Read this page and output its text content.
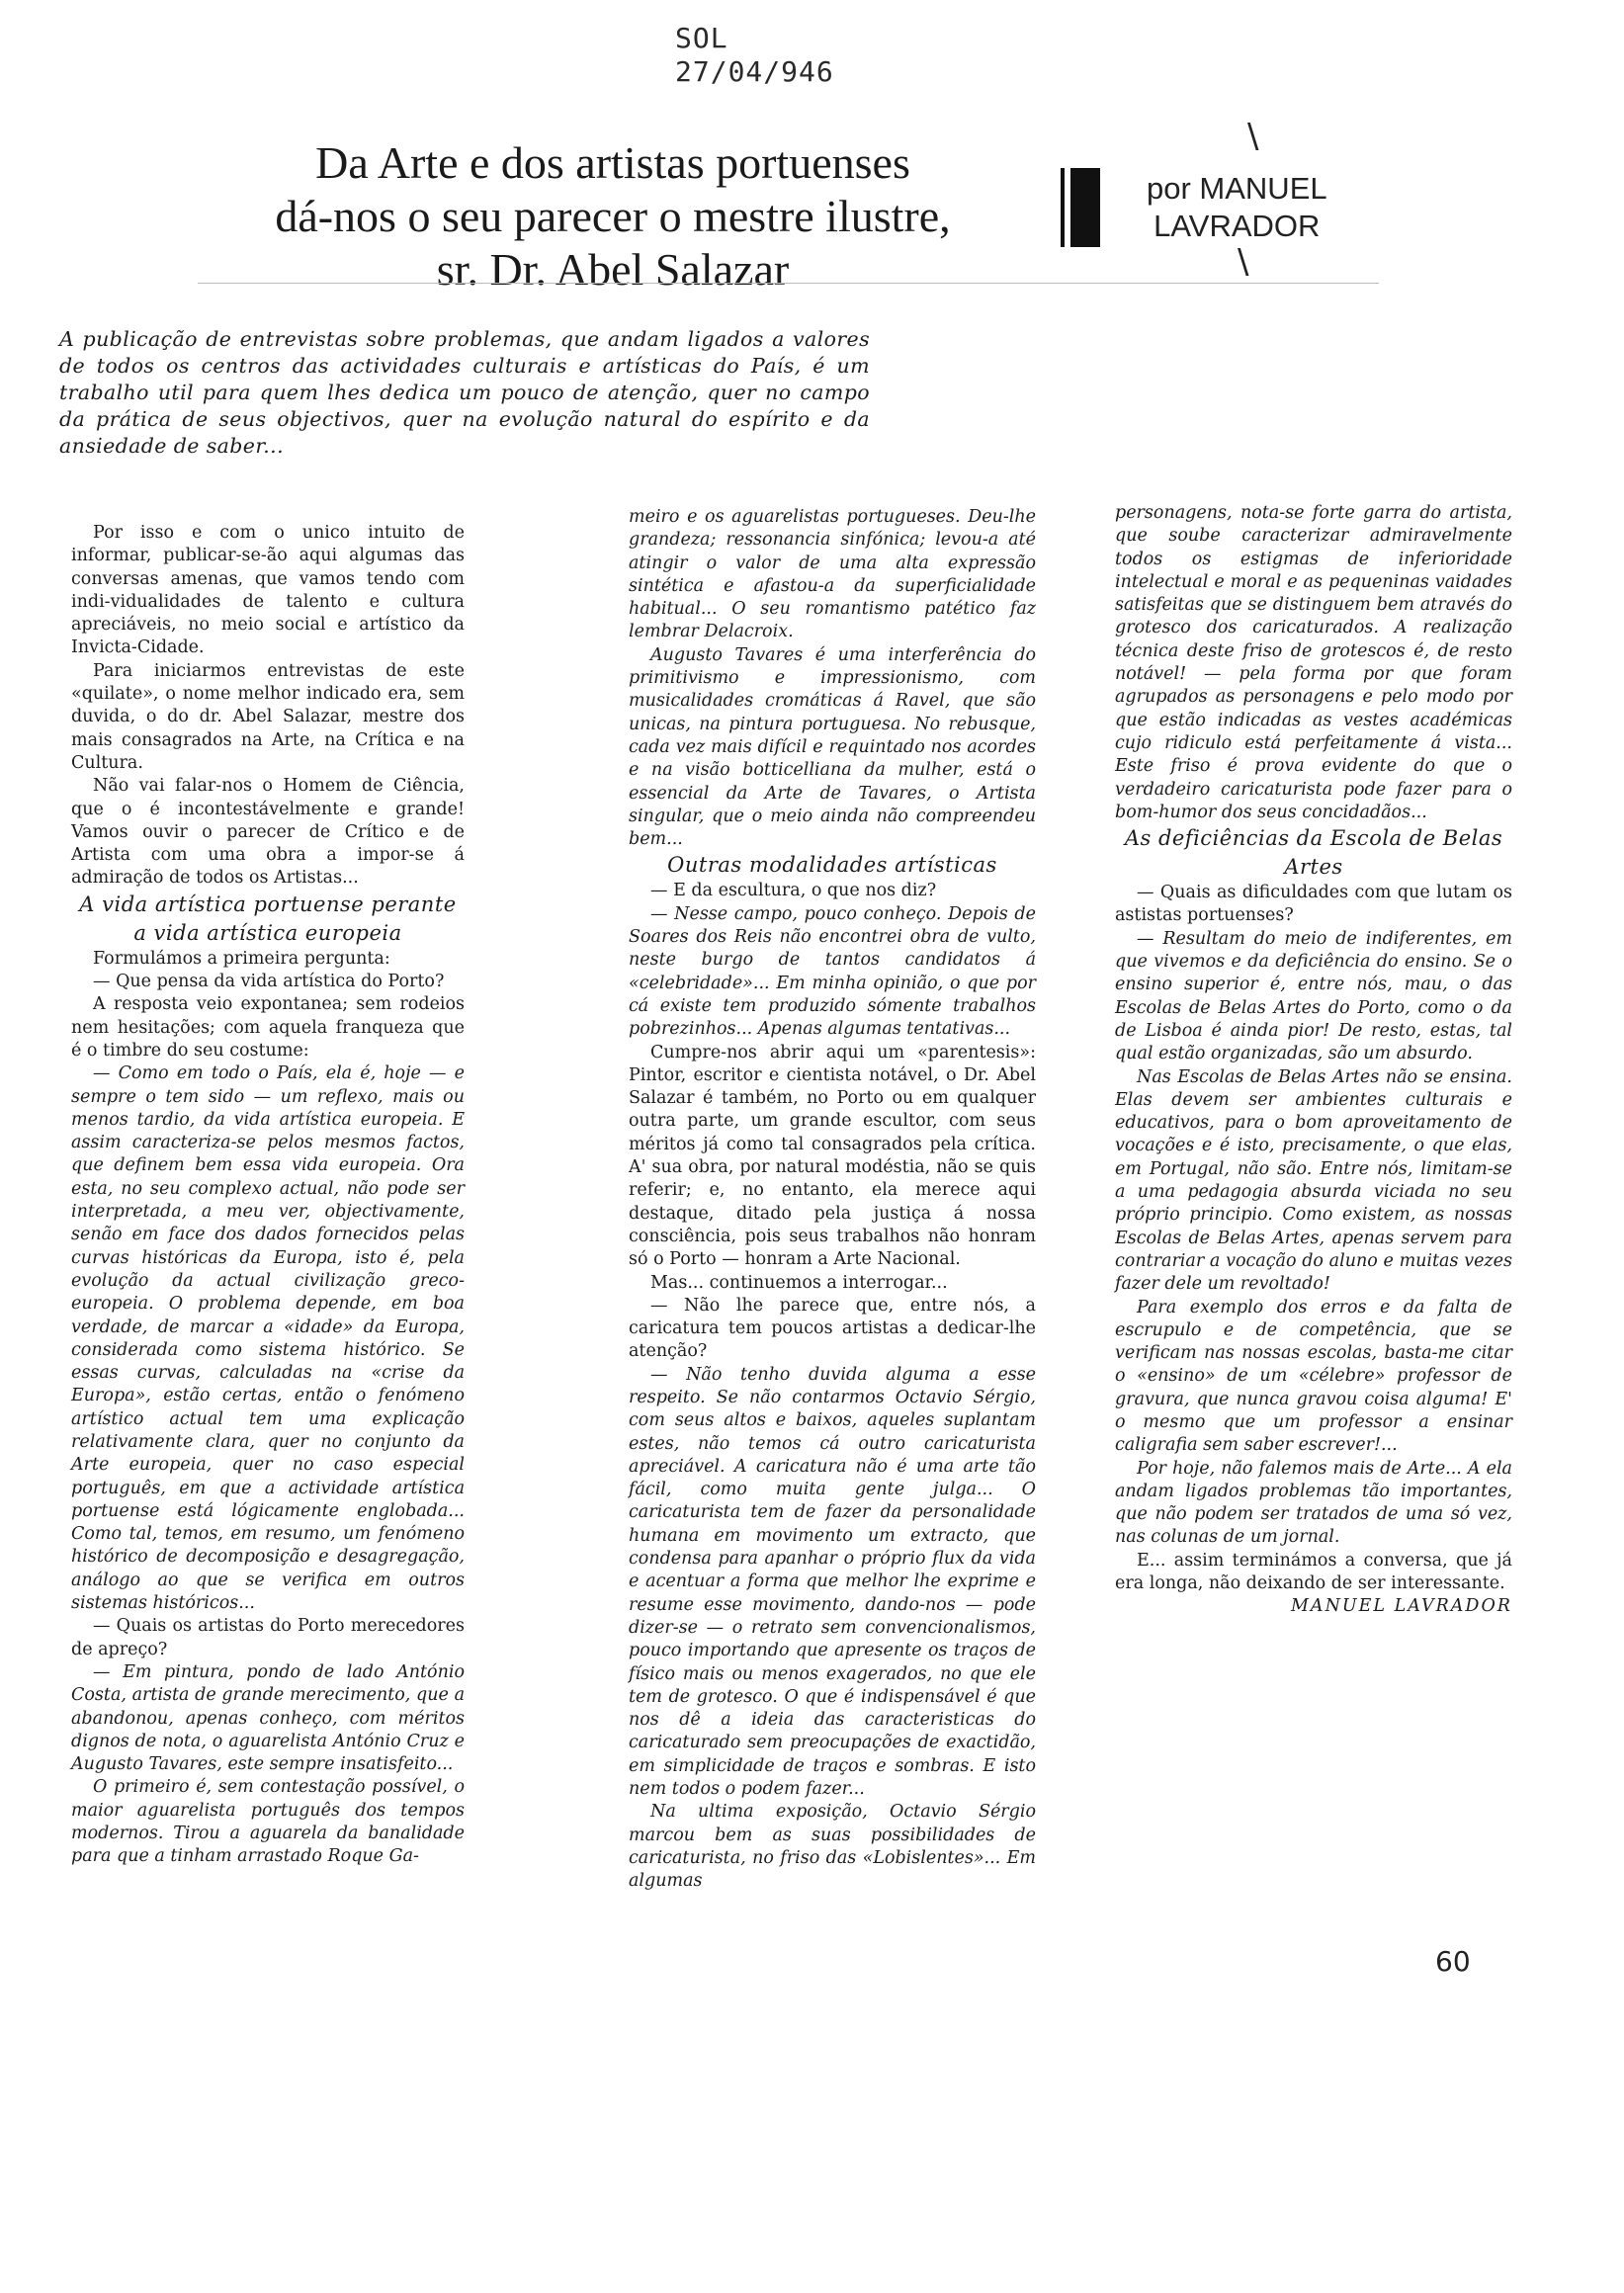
SOL
27/04/946
Da Arte e dos artistas portuenses
dá-nos o seu parecer o mestre ilustre,
sr. Dr. Abel Salazar
\
por MANUEL
LAVRADOR
\
A publicação de entrevistas sobre problemas, que andam ligados a valores de todos os centros das actividades culturais e artísticas do País, é um trabalho util para quem lhes dedica um pouco de atenção, quer no campo da prática de seus objectivos, quer na evolução natural do espírito e da ansiedade de saber...

Por isso e com o unico intuito de informar, publicar-se-ão aqui algumas das conversas amenas, que vamos tendo com indi-vidualidades de talento e cultura apreciáveis, no meio social e artístico da Invicta-Cidade.

Para iniciarmos entrevistas de este «quilate», o nome melhor indicado era, sem duvida, o do dr. Abel Salazar, mestre dos mais consagrados na Arte, na Crítica e na Cultura.

Não vai falar-nos o Homem de Ciência, que o é incontestávelmente e grande! Vamos ouvir o parecer de Crítico e de Artista com uma obra a impor-se á admiração de todos os Artistas...

A vida artística portuense perante a vida artística europeia

Formulámos a primeira pergunta:

— Que pensa da vida artística do Porto?

A resposta veio expontanea; sem rodeios nem hesitações; com aquela franqueza que é o timbre do seu costume:

— Como em todo o País, ela é, hoje — e sempre o tem sido — um reflexo, mais ou menos tardio, da vida artística europeia. E assim caracteriza-se pelos mesmos factos, que definem bem essa vida europeia. Ora esta, no seu complexo actual, não pode ser interpretada, a meu ver, objectivamente, senão em face dos dados fornecidos pelas curvas históricas da Europa, isto é, pela evolução da actual civilização greco-europeia. O problema depende, em boa verdade, de marcar a «idade» da Europa, considerada como sistema histórico. Se essas curvas, calculadas na «crise da Europa», estão certas, então o fenómeno artístico actual tem uma explicação relativamente clara, quer no conjunto da Arte europeia, quer no caso especial português, em que a actividade artística portuense está lógicamente englobada... Como tal, temos, em resumo, um fenómeno histórico de decomposição e desagregação, análogo ao que se verifica em outros sistemas históricos...

— Quais os artistas do Porto merecedores de apreço?

— Em pintura, pondo de lado António Costa, artista de grande merecimento, que a abandonou, apenas conheço, com méritos dignos de nota, o aguarelista António Cruz e Augusto Tavares, este sempre insatisfeito...

O primeiro é, sem contestação possível, o maior aguarelista português dos tempos modernos. Tirou a aguarela da banalidade para que a tinham arrastado Roque Ga-

meiro e os aguarelistas portugueses. Deu-lhe grandeza; ressonancia sinfónica; levou-a até atingir o valor de uma alta expressão sintética e afastou-a da superficialidade habitual... O seu romantismo patético faz lembrar Delacroix.

Augusto Tavares é uma interferência do primitivismo e impressionismo, com musicalidades cromáticas á Ravel, que são unicas, na pintura portuguesa. No rebusque, cada vez mais difícil e requintado nos acordes e na visão botticelliana da mulher, está o essencial da Arte de Tavares, o Artista singular, que o meio ainda não compreendeu bem...

Outras modalidades artísticas

— E da escultura, o que nos diz?

— Nesse campo, pouco conheço. Depois de Soares dos Reis não encontrei obra de vulto, neste burgo de tantos candidatos á «celebridade»... Em minha opinião, o que por cá existe tem produzido sómente trabalhos pobrezinhos... Apenas algumas tentativas...

Cumpre-nos abrir aqui um «parentesis»: Pintor, escritor e cientista notável, o Dr. Abel Salazar é também, no Porto ou em qualquer outra parte, um grande escultor, com seus méritos já como tal consagrados pela crítica. A' sua obra, por natural modéstia, não se quis referir; e, no entanto, ela merece aqui destaque, ditado pela justiça á nossa consciência, pois seus trabalhos não honram só o Porto — honram a Arte Nacional.

Mas... continuemos a interrogar...

— Não lhe parece que, entre nós, a caricatura tem poucos artistas a dedicar-lhe atenção?

— Não tenho duvida alguma a esse respeito. Se não contarmos Octavio Sérgio, com seus altos e baixos, aqueles suplantam estes, não temos cá outro caricaturista apreciável. A caricatura não é uma arte tão fácil, como muita gente julga... O caricaturista tem de fazer da personalidade humana em movimento um extracto, que condensa para apanhar o próprio flux da vida e acentuar a forma que melhor lhe exprime e resume esse movimento, dando-nos — pode dizer-se — o retrato sem convencionalismos, pouco importando que apresente os traços de físico mais ou menos exagerados, no que ele tem de grotesco. O que é indispensável é que nos dê a ideia das caracteristicas do caricaturado sem preocupações de exactidão, em simplicidade de traços e sombras. E isto nem todos o podem fazer...

Na ultima exposição, Octavio Sérgio marcou bem as suas possibilidades de caricaturista, no friso das «Lobislentes»... Em algumas

personagens, nota-se forte garra do artista, que soube caracterizar admiravelmente todos os estigmas de inferioridade intelectual e moral e as pequeninas vaidades satisfeitas que se distinguem bem através do grotesco dos caricaturados. A realização técnica deste friso de grotescos é, de resto notável! — pela forma por que foram agrupados as personagens e pelo modo por que estão indicadas as vestes académicas cujo ridiculo está perfeitamente á vista... Este friso é prova evidente do que o verdadeiro caricaturista pode fazer para o bom-humor dos seus concidadãos...

As deficiências da Escola de Belas Artes

— Quais as dificuldades com que lutam os astistas portuenses?

— Resultam do meio de indiferentes, em que vivemos e da deficiência do ensino. Se o ensino superior é, entre nós, mau, o das Escolas de Belas Artes do Porto, como o da de Lisboa é ainda pior! De resto, estas, tal qual estão organizadas, são um absurdo.

Nas Escolas de Belas Artes não se ensina. Elas devem ser ambientes culturais e educativos, para o bom aproveitamento de vocações e é isto, precisamente, o que elas, em Portugal, não são. Entre nós, limitam-se a uma pedagogia absurda viciada no seu próprio principio. Como existem, as nossas Escolas de Belas Artes, apenas servem para contrariar a vocação do aluno e muitas vezes fazer dele um revoltado!

Para exemplo dos erros e da falta de escrupulo e de competência, que se verificam nas nossas escolas, basta-me citar o «ensino» de um «célebre» professor de gravura, que nunca gravou coisa alguma! E' o mesmo que um professor a ensinar caligrafia sem saber escrever!...

Por hoje, não falemos mais de Arte... A ela andam ligados problemas tão importantes, que não podem ser tratados de uma só vez, nas colunas de um jornal.

E... assim terminámos a conversa, que já era longa, não deixando de ser interessante.

MANUEL LAVRADOR

60
